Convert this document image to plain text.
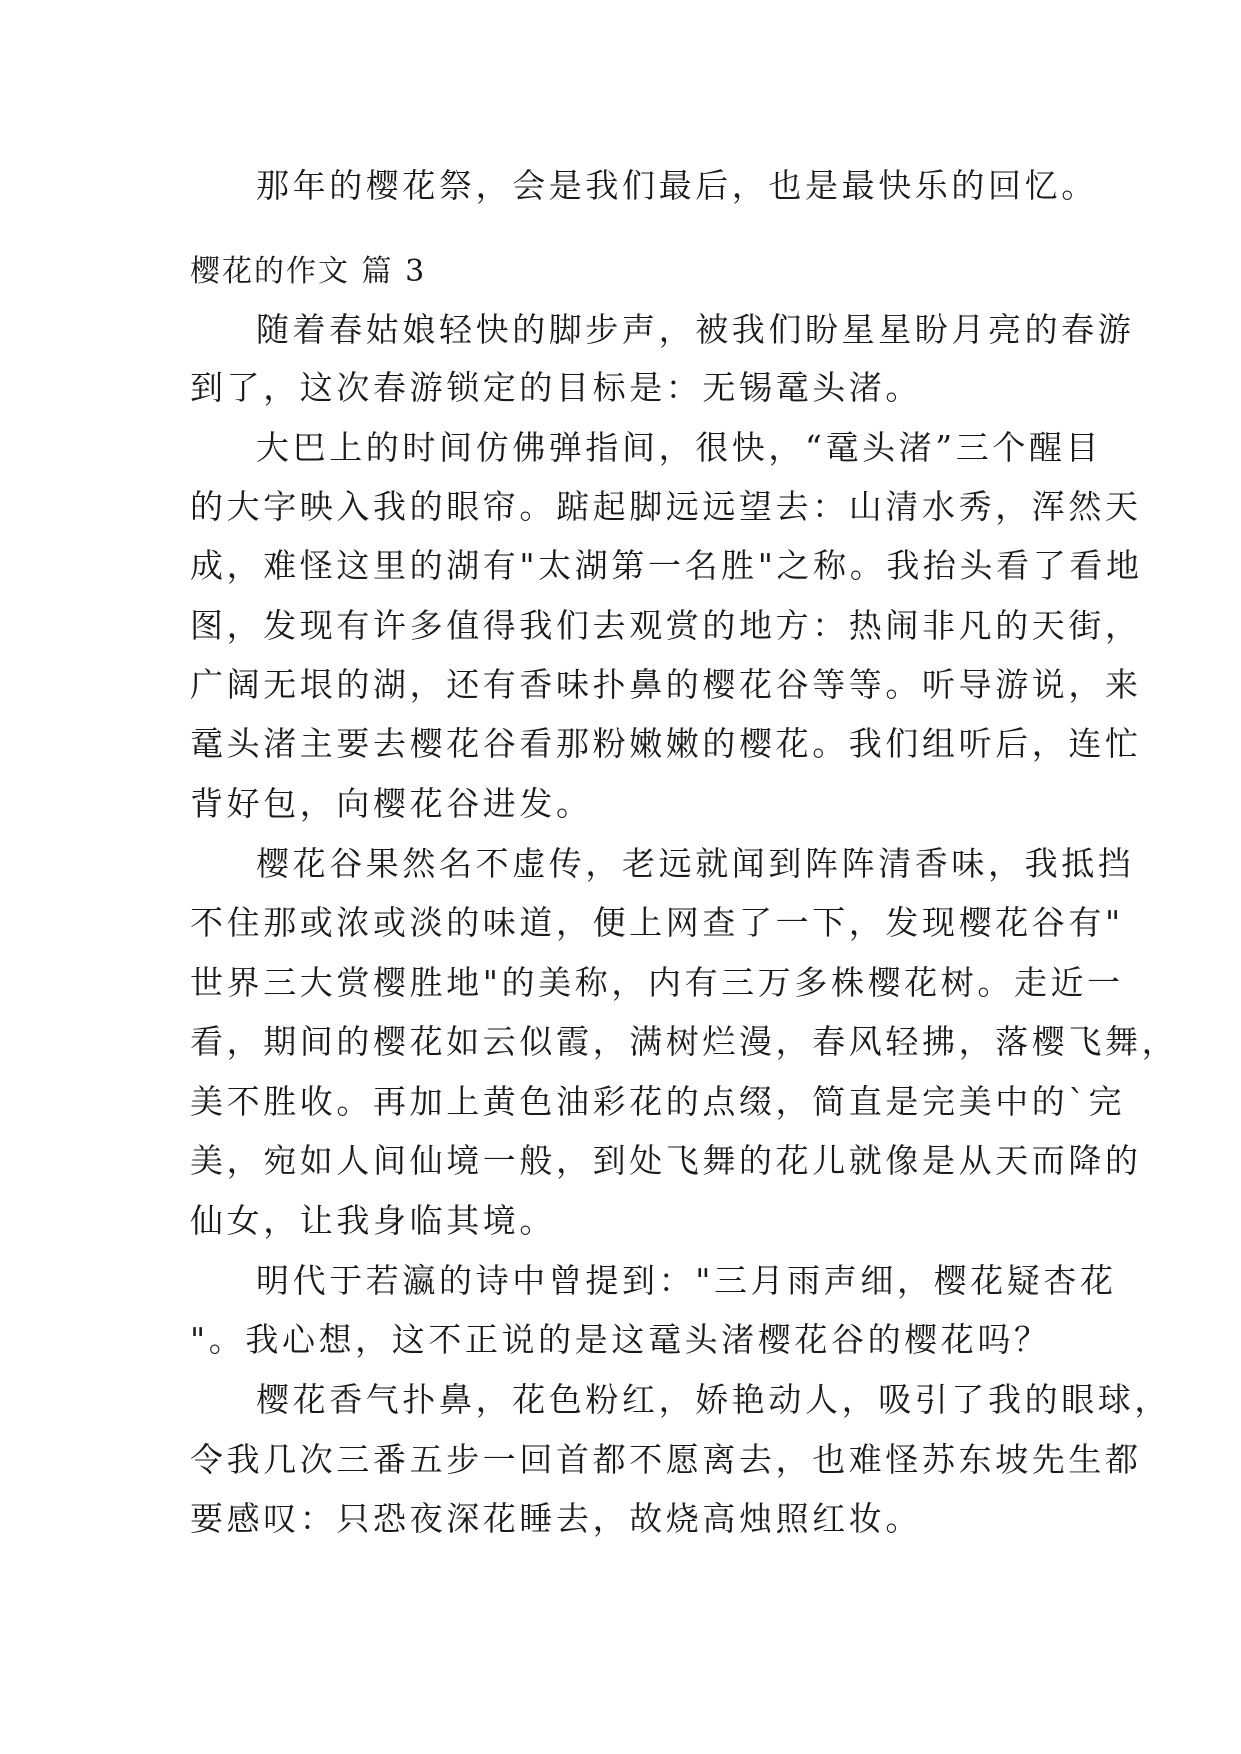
那年的樱花祭，会是我们最后，也是最快乐的回忆。
樱花的作文 篇 3
随着春姑娘轻快的脚步声，被我们盼星星盼月亮的春游
到了，这次春游锁定的目标是：无锡鼋头渚。
大巴上的时间仿佛弹指间，很快，“鼋头渚”三个醒目
的大字映入我的眼帘。踮起脚远远望去：山清水秀，浑然天
成，难怪这里的湖有"太湖第一名胜"之称。我抬头看了看地
图，发现有许多值得我们去观赏的地方：热闹非凡的天街，
广阔无垠的湖，还有香味扑鼻的樱花谷等等。听导游说，来
鼋头渚主要去樱花谷看那粉嫩嫩的樱花。我们组听后，连忙
背好包，向樱花谷进发。
樱花谷果然名不虚传，老远就闻到阵阵清香味，我抵挡
不住那或浓或淡的味道，便上网查了一下，发现樱花谷有"
世界三大赏樱胜地"的美称，内有三万多株樱花树。走近一
看，期间的樱花如云似霞，满树烂漫，春风轻拂，落樱飞舞，
美不胜收。再加上黄色油彩花的点缀，简直是完美中的`完
美，宛如人间仙境一般，到处飞舞的花儿就像是从天而降的
仙女，让我身临其境。
明代于若瀛的诗中曾提到："三月雨声细，樱花疑杏花
"。我心想，这不正说的是这鼋头渚樱花谷的樱花吗？
樱花香气扑鼻，花色粉红，娇艳动人，吸引了我的眼球，
令我几次三番五步一回首都不愿离去，也难怪苏东坡先生都
要感叹：只恐夜深花睡去，故烧高烛照红妆。
